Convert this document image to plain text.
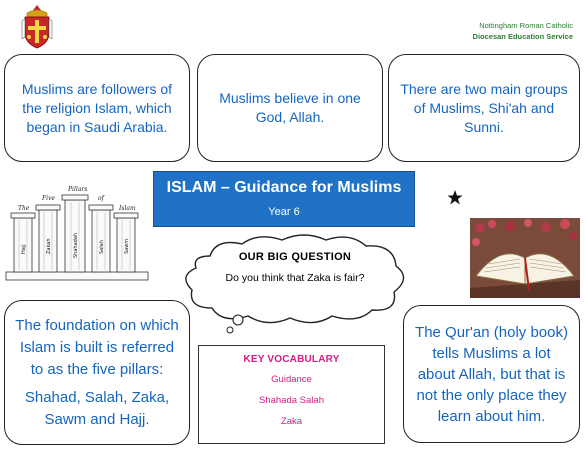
Nottingham Roman Catholic
Diocesan Education Service

Muslims are followers of the religion Islam, which began in Saudi Arabia.

Muslims believe in one God, Allah.

There are two main groups of Muslims, Shi'ah and Sunni.

The
Five
Pillars
of
Islam
Hajj	Zakah	Shahadah	Salah	Sawm
ISLAM – Guidance for Muslims
Year 6
OUR BIG QUESTION
Do you think that Zaka is fair?

The foundation on which Islam is built is referred to as the five pillars:

Shahad, Salah, Zaka, Sawm and Hajj.

KEY VOCABULARY
Guidance
Shahada Salah
Zaka

The Qur'an (holy book) tells Muslims a lot about Allah, but that is not the only place they learn about him.
